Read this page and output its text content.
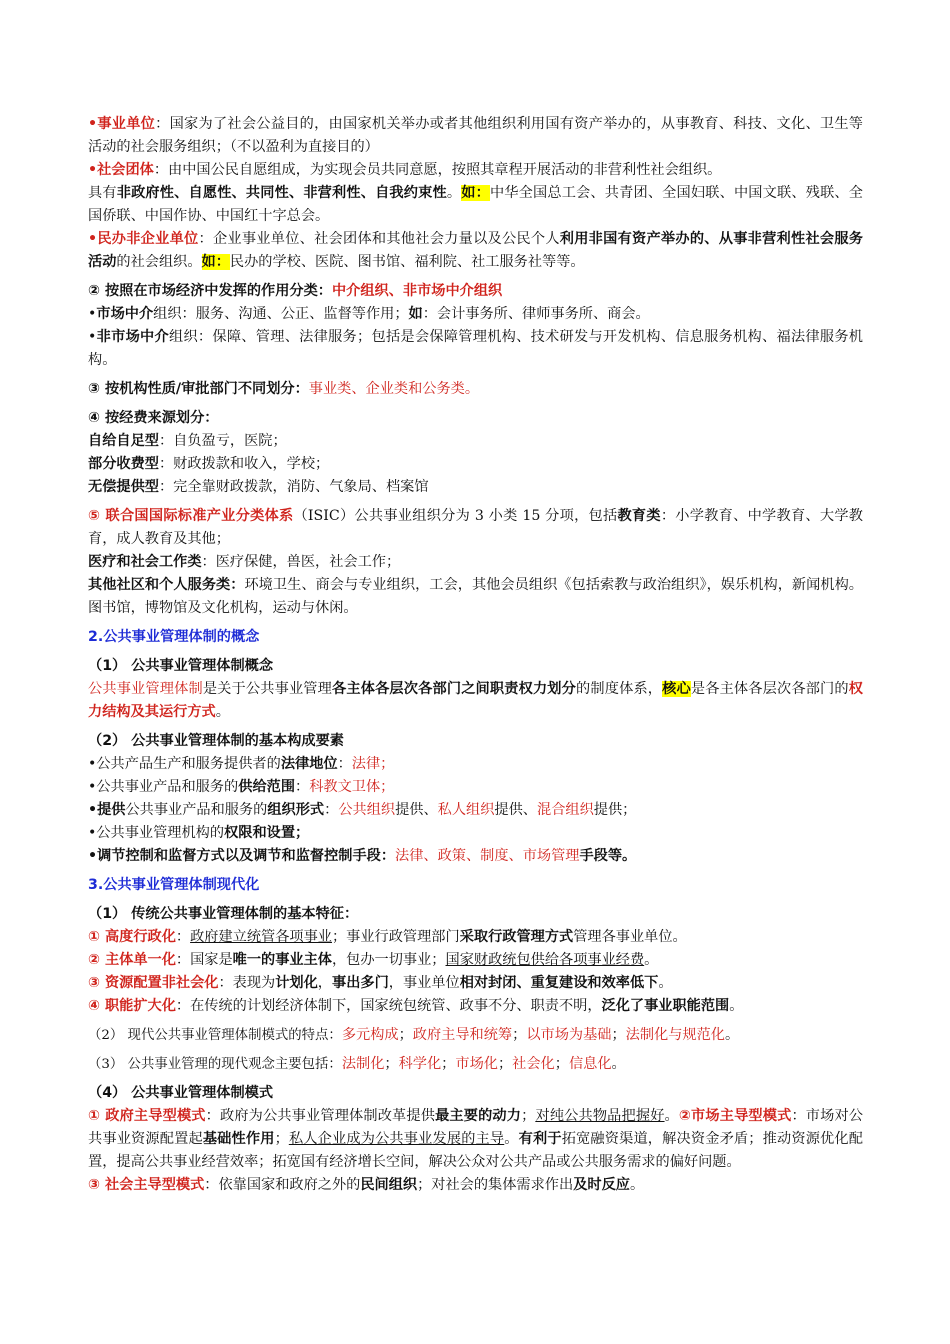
•事业单位：国家为了社会公益目的，由国家机关举办或者其他组织利用国有资产举办的，从事教育、科技、文化、卫生等活动的社会服务组织；（不以盈利为直接目的）

•社会团体：由中国公民自愿组成，为实现会员共同意愿，按照其章程开展活动的非营利性社会组织。

具有非政府性、自愿性、共同性、非营利性、自我约束性。如：中华全国总工会、共青团、全国妇联、中国文联、残联、全国侨联、中国作协、中国红十字总会。

•民办非企业单位：企业事业单位、社会团体和其他社会力量以及公民个人利用非国有资产举办的、从事非营利性社会服务活动的社会组织。如：民办的学校、医院、图书馆、福利院、社工服务社等等。

② 按照在市场经济中发挥的作用分类：中介组织、非市场中介组织

•市场中介组织：服务、沟通、公正、监督等作用；如：会计事务所、律师事务所、商会。

•非市场中介组织：保障、管理、法律服务；包括是会保障管理机构、技术研发与开发机构、信息服务机构、福法律服务机构。

③ 按机构性质/审批部门不同划分：事业类、企业类和公务类。

④ 按经费来源划分：

自给自足型：自负盈亏，医院；

部分收费型：财政拨款和收入，学校；

无偿提供型：完全靠财政拨款，消防、气象局、档案馆

⑤ 联合国国际标准产业分类体系（ISIC）公共事业组织分为 3 小类 15 分项，包括教育类：小学教育、中学教育、大学教育，成人教育及其他；

医疗和社会工作类：医疗保健，兽医，社会工作；

其他社区和个人服务类：环境卫生、商会与专业组织，工会，其他会员组织《包括索教与政治组织》，娱乐机构，新闻机构。图书馆，博物馆及文化机构，运动与休闲。

2.公共事业管理体制的概念

（1） 公共事业管理体制概念

公共事业管理体制是关于公共事业管理各主体各层次各部门之间职责权力划分的制度体系，核心是各主体各层次各部门的权力结构及其运行方式。

（2） 公共事业管理体制的基本构成要素

•公共产品生产和服务提供者的法律地位：法律；

•公共事业产品和服务的供给范围：科教文卫体；

•提供公共事业产品和服务的组织形式：公共组织提供、私人组织提供、混合组织提供；

•公共事业管理机构的权限和设置；

•调节控制和监督方式以及调节和监督控制手段：法律、政策、制度、市场管理手段等。

3.公共事业管理体制现代化

（1） 传统公共事业管理体制的基本特征：

① 高度行政化：政府建立统管各项事业；事业行政管理部门采取行政管理方式管理各事业单位。

② 主体单一化：国家是唯一的事业主体，包办一切事业；国家财政统包供给各项事业经费。

③ 资源配置非社会化：表现为计划化，事出多门，事业单位相对封闭、重复建设和效率低下。

④ 职能扩大化：在传统的计划经济体制下，国家统包统管、政事不分、职责不明，泛化了事业职能范围。

（2） 现代公共事业管理体制模式的特点：多元构成；政府主导和统筹；以市场为基础；法制化与规范化。

（3） 公共事业管理的现代观念主要包括：法制化；科学化；市场化；社会化；信息化。

（4） 公共事业管理体制模式

① 政府主导型模式：政府为公共事业管理体制改革提供最主要的动力；对纯公共物品把握好。②市场主导型模式：市场对公共事业资源配置起基础性作用；私人企业成为公共事业发展的主导。有利于拓宽融资渠道，解决资金矛盾；推动资源优化配置，提高公共事业经营效率；拓宽国有经济增长空间，解决公众对公共产品或公共服务需求的偏好问题。

③ 社会主导型模式：依靠国家和政府之外的民间组织；对社会的集体需求作出及时反应。
